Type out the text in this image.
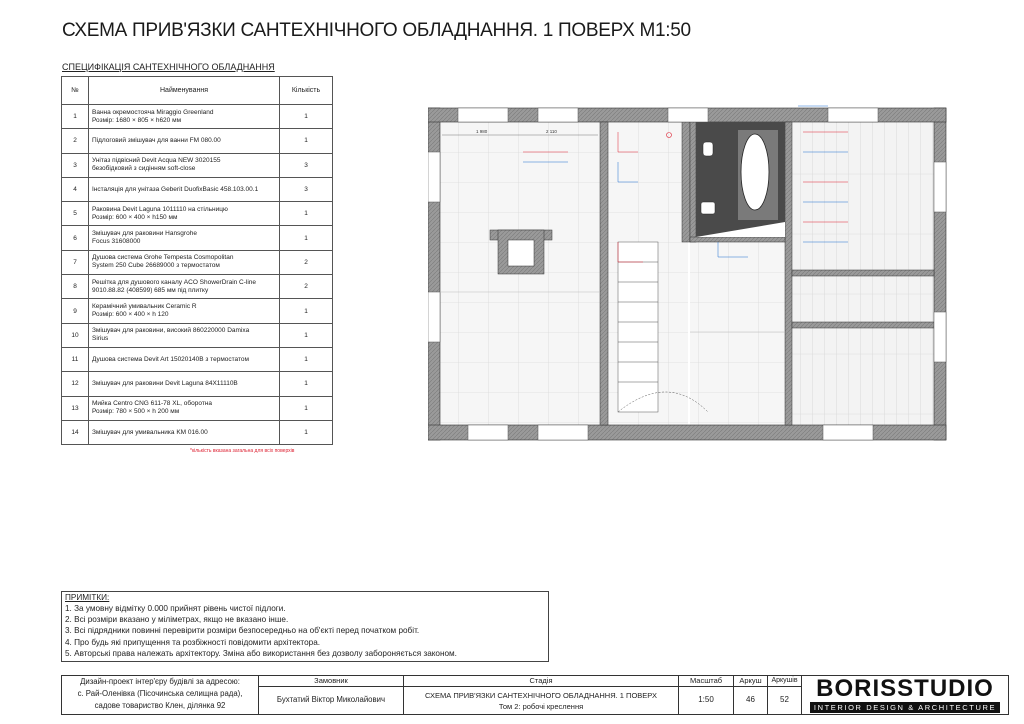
СХЕМА ПРИВ'ЯЗКИ САНТЕХНІЧНОГО ОБЛАДНАННЯ. 1 ПОВЕРХ М1:50
СПЕЦИФІКАЦІЯ САНТЕХНІЧНОГО ОБЛАДНАННЯ
№	Найменування	Кількість
1	Ванна окремостояча Miraggio Greenland
Розмір: 1680 × 805 × h620 мм	1
2	Підлоговий змішувач для ванни FM 080.00	1
3	Унітаз підвісний Devit Acqua NEW 3020155
безобідковий з сидінням soft-close	3
4	Інсталяція для унітаза Geberit DuofixBasic 458.103.00.1	3
5	Раковина Devit Laguna 1011110 на стільницю
Розмір: 600 × 400 × h150 мм	1
6	Змішувач для раковини Hansgrohe
Focus 31608000	1
7	Душова система Grohe Tempesta Cosmopolitan
System 250 Cube 26689000 з термостатом	2
8	Решітка для душового каналу ACO ShowerDrain C-line
9010.88.82 (408599) 685 мм під плитку	2
9	Керамічний умивальник Ceramic R
Розмір: 600 × 400 × h 120	1
10	Змішувач для раковини, високий 860220000 Damixa
Sirius	1
11	Душова система Devit Art 15020140B з термостатом	1
12	Змішувач для раковини Devit Laguna 84X11110B	1
13	Мийка Centro CNG 611-78 XL, оборотна
Розмір: 780 × 500 × h 200 мм	1
14	Змішувач для умивальника KM 016.00	1
*кількість вказана загальна для всіх поверхів
1 980	2 110
ПРИМІТКИ:
1. За умовну відмітку 0.000 прийнят рівень чистої підлоги.
2. Всі розміри вказано у міліметрах, якщо не вказано інше.
3. Всі підрядники повинні перевірити розміри безпосередньо на об'єкті перед початком робіт.
4. Про будь які припущення та розбіжності повідомити архітектора.
5. Авторські права належать архітектору. Зміна або використання без дозволу забороняється законом.
Дизайн-проект інтер'єру будівлі за адресою:
с. Рай-Оленівка (Пісочинська селищна рада),
садове товариство Клен, ділянка 92
Замовник
Бухтатий Віктор Миколайович
Стадія
СХЕМА ПРИВ'ЯЗКИ САНТЕХНІЧНОГО ОБЛАДНАННЯ. 1 ПОВЕРХ
Том 2: робочі креслення
Масштаб
1:50
Аркуш
46
Аркушів
52	BORISSTUDIO
INTERIOR DESIGN & ARCHITECTURE
